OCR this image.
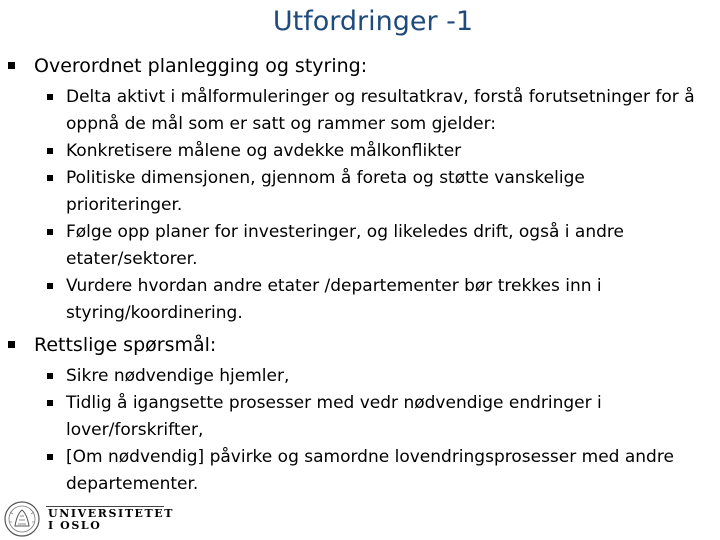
Utfordringer -1
Overordnet planlegging og styring:
Delta aktivt i målformuleringer og resultatkrav, forstå forutsetninger for å oppnå de mål som er satt og rammer som gjelder:
Konkretisere målene og avdekke målkonflikter
Politiske dimensjonen, gjennom å foreta og støtte vanskelige prioriteringer.
Følge opp planer for investeringer, og likeledes drift, også i andre etater/sektorer.
Vurdere hvordan andre etater /departementer bør trekkes inn i styring/koordinering.
Rettslige spørsmål:
Sikre nødvendige hjemler,
Tidlig å igangsette prosesser med vedr nødvendige endringer i lover/forskrifter,
[Om nødvendig] påvirke og samordne lovendringsprosesser med andre departementer.
UNIVERSITETET
I OSLO
